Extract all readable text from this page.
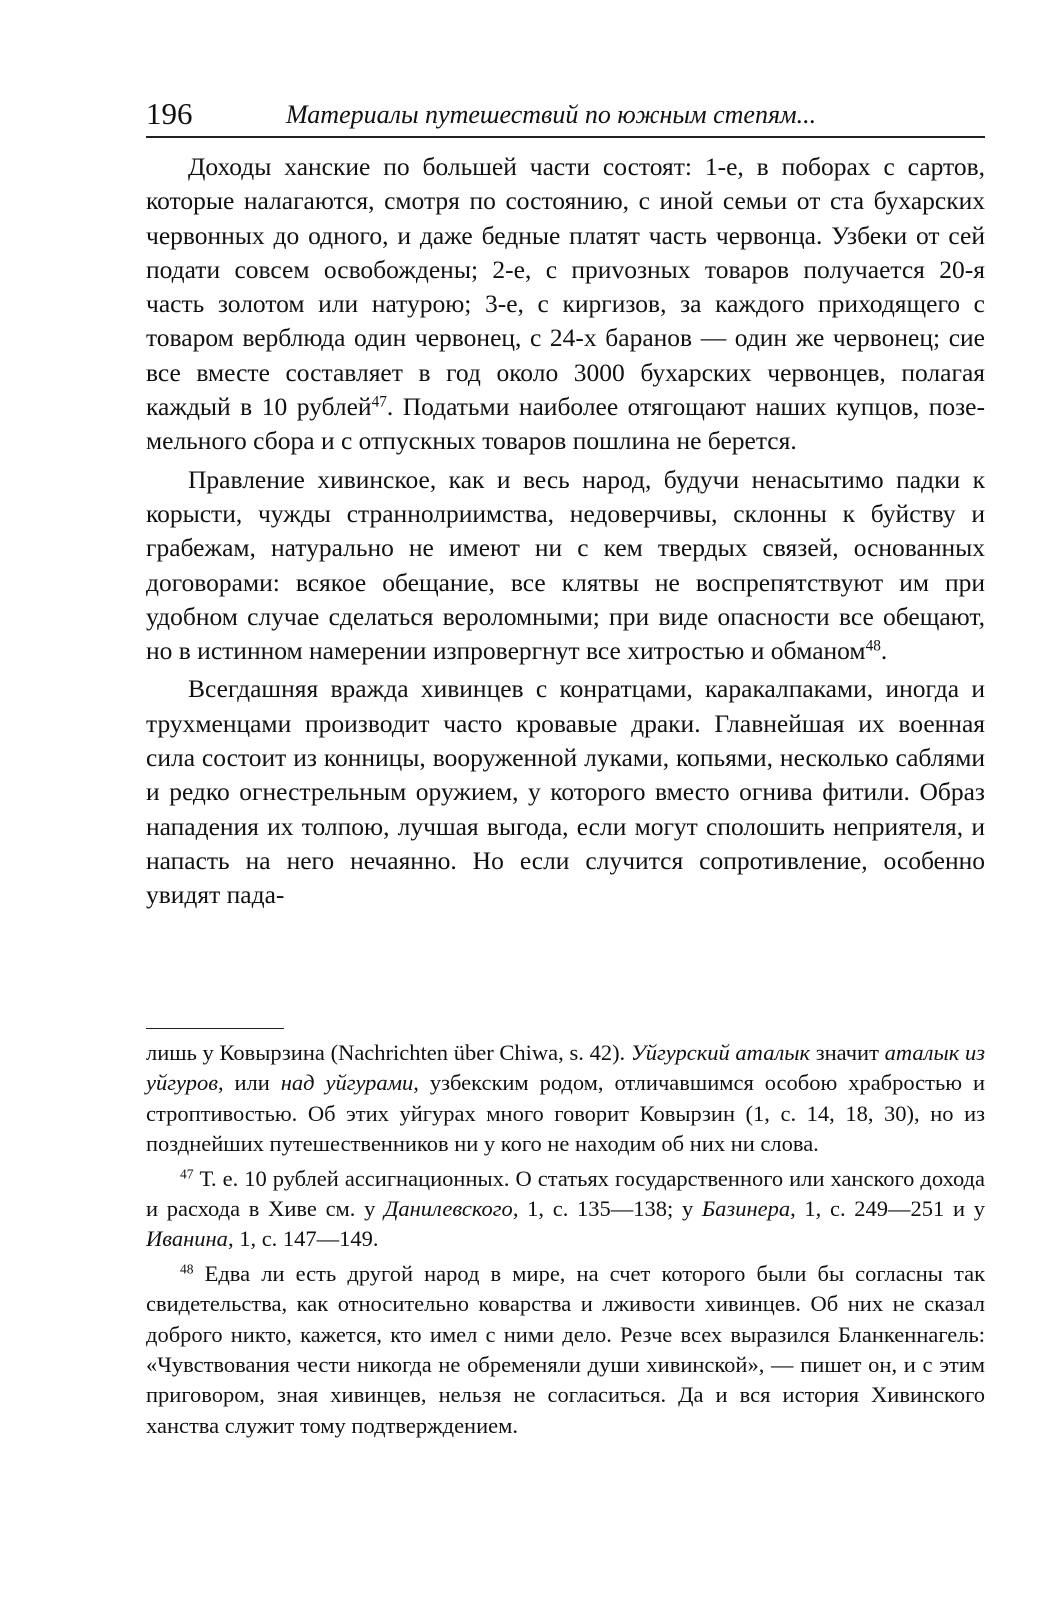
196	Материалы путешествий по южным степям...

Доходы ханские по большей части состоят: 1-е, в поборах с сартов, которые налагаются, смотря по состоянию, с иной семьи от ста бухарских червонных до одного, и даже бедные платят часть червонца. Узбеки от сей подати совсем освобождены; 2-е, с приvозных товаров получается 20-я часть золотом или натурою; 3-е, с киргизов, за каждого приходящего с товаром верблюда один червонец, с 24-х баранов — один же червонец; сие все вместе составляет в год около 3000 бухарских червонцев, полагая каждый в 10 рублей$^{47}$. Податьми наиболее отягощают наших купцов, поземельного сбора и с отпускных товаров пошлина не берется.

Правление хивинское, как и весь народ, будучи ненасытимо падки к корысти, чужды страннолриимства, недоверчивы, склонны к буйству и грабежам, натурально не имеют ни с кем твердых связей, основанных договорами: всякое обещание, все клятвы не воспрепятствуют им при удобном случае сделаться вероломными; при виде опасности все обещают, но в истинном намерении изпровергнут все хитростью и обманом$^{48}$.

Всегдашняя вражда хивинцев с конратцами, каракалпаками, иногда и трухменцами производит часто кровавые драки. Главнейшая их военная сила состоит из конницы, вооруженной луками, копьями, несколько саблями и редко огнестрельным оружием, у которого вместо огнива фитили. Образ нападения их толпою, лучшая выгода, если могут сполошить неприятеля, и напасть на него нечаянно. Но если случится сопротивление, особенно увидят пада-

лишь у Ковырзина (Nachrichten über Chiwa, s. 42). Уйгурский аталык значит аталык из уйгуров, или над уйгурами, узбекским родом, отличавшимся особою храбростью и строптивостью. Об этих уйгурах много говорит Ковырзин (1, с. 14, 18, 30), но из позднейших путешественников ни у кого не находим об них ни слова.

$^{47}$ Т. е. 10 рублей ассигнационных. О статьях государственного или ханского дохода и расхода в Хиве см. у Данилевского, 1, с. 135—138; у Базинера, 1, с. 249—251 и у Иванина, 1, с. 147—149.

$^{48}$ Едва ли есть другой народ в мире, на счет которого были бы согласны так свидетельства, как относительно коварства и лживости хивинцев. Об них не сказал доброго никто, кажется, кто имел с ними дело. Резче всех выразился Бланкеннагель: «Чувствования чести никогда не обременяли души хивинской», — пишет он, и с этим приговором, зная хивинцев, нельзя не согласиться. Да и вся история Хивинского ханства служит тому подтверждением.
